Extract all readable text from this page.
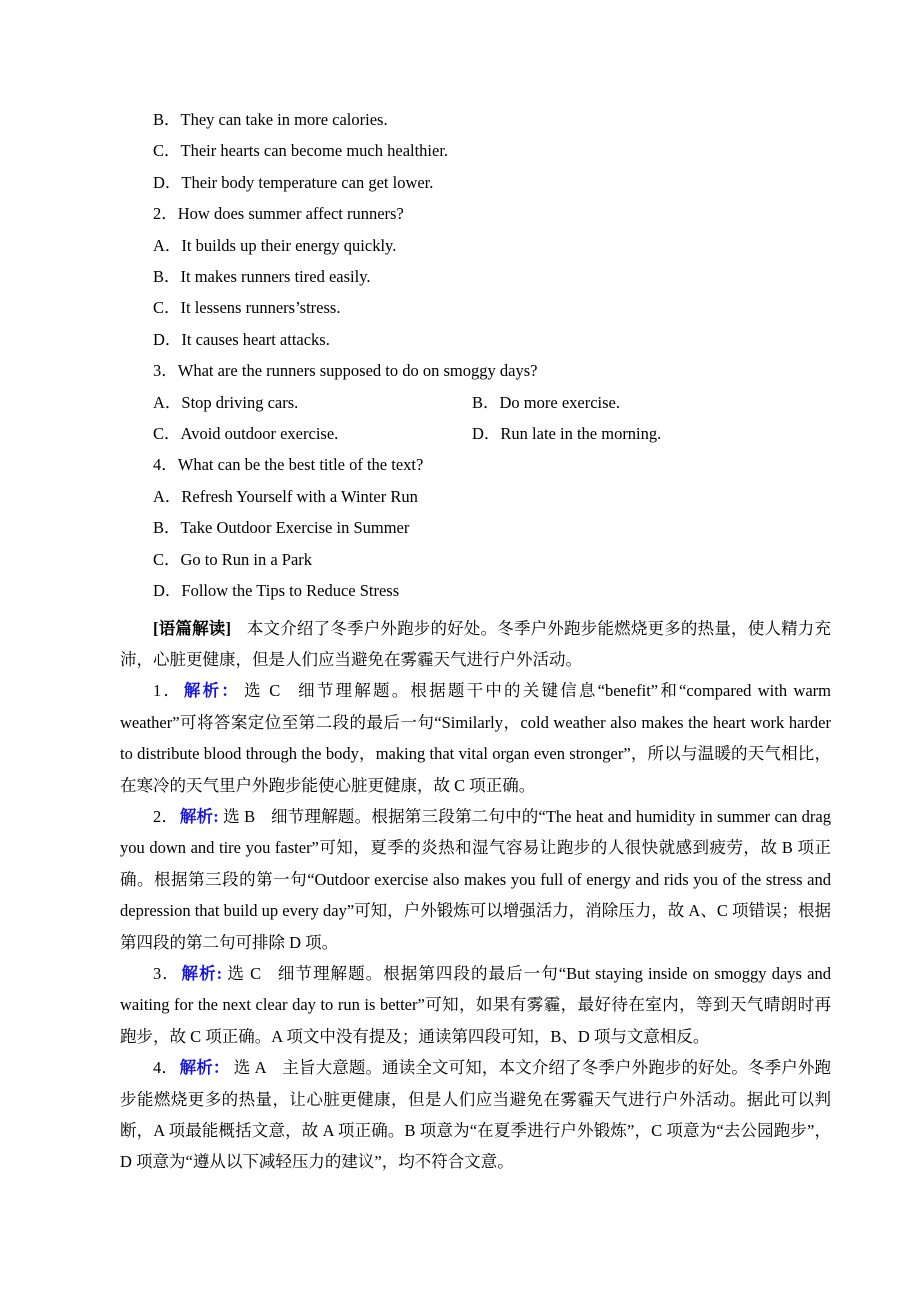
B．They can take in more calories.
C．Their hearts can become much healthier.
D．Their body temperature can get lower.
2．How does summer affect runners?
A．It builds up their energy quickly.
B．It makes runners tired easily.
C．It lessens runners’stress.
D．It causes heart attacks.
3．What are the runners supposed to do on smoggy days?
A．Stop driving cars.	B．Do more exercise.
C．Avoid outdoor exercise.	D．Run late in the morning.
4．What can be the best title of the text?
A．Refresh Yourself with a Winter Run
B．Take Outdoor Exercise in Summer
C．Go to Run in a Park
D．Follow the Tips to Reduce Stress

[语篇解读] 本文介绍了冬季户外跑步的好处。冬季户外跑步能燃烧更多的热量，使人精力充沛，心脏更健康，但是人们应当避免在雾霾天气进行户外活动。

1．解析： 选 C 细节理解题。根据题干中的关键信息“benefit”和“compared with warm weather”可将答案定位至第二段的最后一句“Similarly，cold weather also makes the heart work harder to distribute blood through the body，making that vital organ even stronger”，所以与温暖的天气相比，在寒冷的天气里户外跑步能使心脏更健康，故 C 项正确。

2．解析: 选 B 细节理解题。根据第三段第二句中的“The heat and humidity in summer can drag you down and tire you faster”可知，夏季的炎热和湿气容易让跑步的人很快就感到疲劳，故 B 项正确。根据第三段的第一句“Outdoor exercise also makes you full of energy and rids you of the stress and depression that build up every day”可知，户外锻炼可以增强活力，消除压力，故 A、C 项错误；根据第四段的第二句可排除 D 项。

3．解析: 选 C 细节理解题。根据第四段的最后一句“But staying inside on smoggy days and waiting for the next clear day to run is better”可知，如果有雾霾，最好待在室内，等到天气晴朗时再跑步，故 C 项正确。A 项文中没有提及；通读第四段可知，B、D 项与文意相反。

4．解析： 选 A 主旨大意题。通读全文可知，本文介绍了冬季户外跑步的好处。冬季户外跑步能燃烧更多的热量，让心脏更健康，但是人们应当避免在雾霾天气进行户外活动。据此可以判断，A 项最能概括文意，故 A 项正确。B 项意为“在夏季进行户外锻炼”，C 项意为“去公园跑步”，D 项意为“遵从以下减轻压力的建议”，均不符合文意。
